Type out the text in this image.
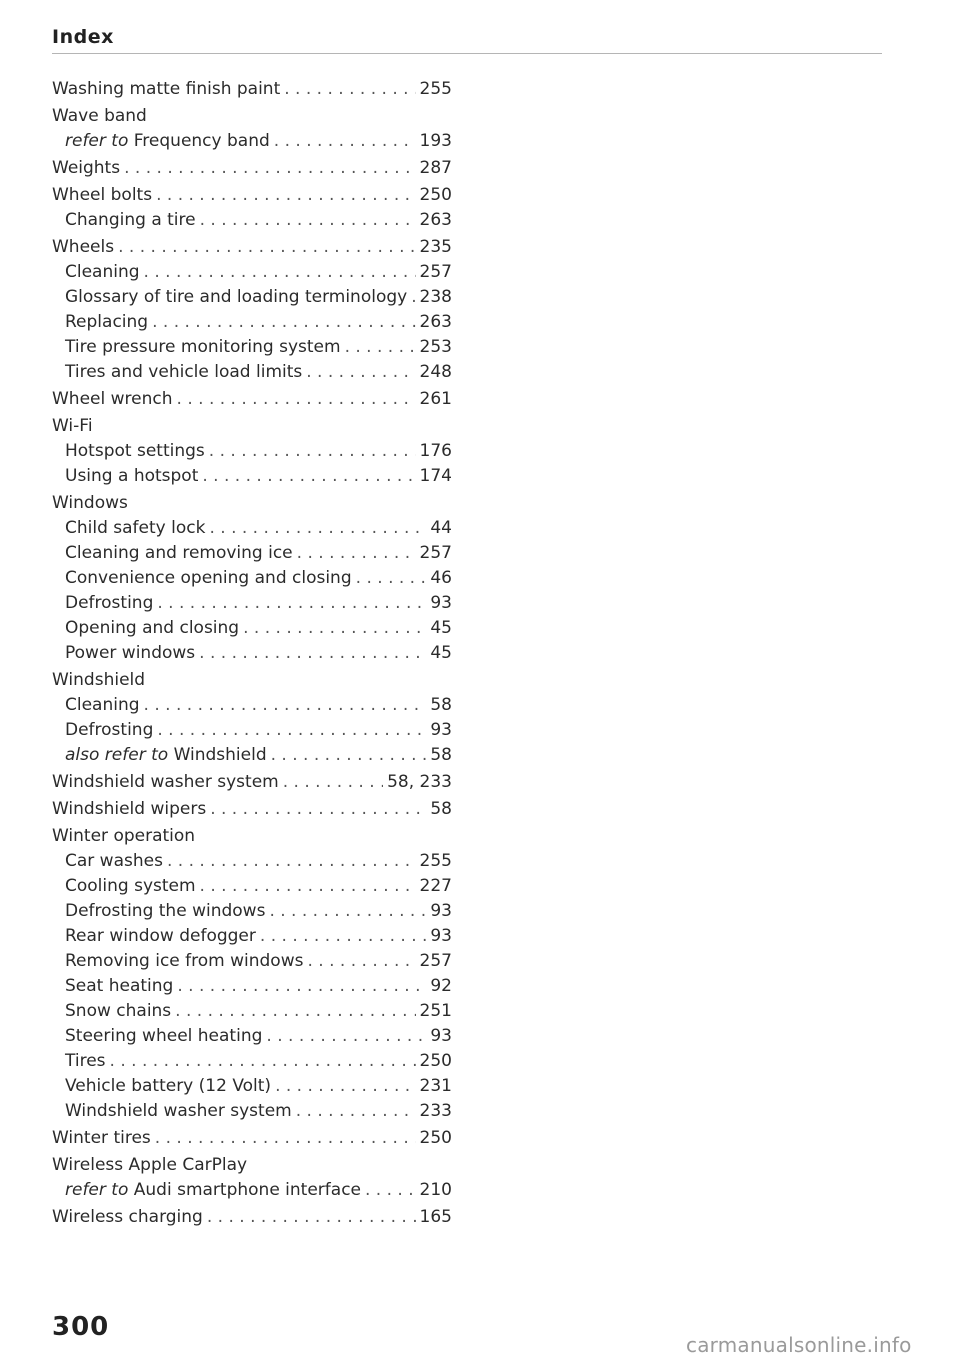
Index
Washing matte finish paint . . .	255
Wave band
refer to Frequency band . . .	193
Weights . . .	287
Wheel bolts . . .	250
Changing a tire . . .	263
Wheels . . .	235
Cleaning . . .	257
Glossary of tire and loading terminology . . . 238
Replacing . . .	263
Tire pressure monitoring system . . .	253
Tires and vehicle load limits . . .	248
Wheel wrench . . .	261
Wi-Fi
Hotspot settings . . .	176
Using a hotspot . . .	174
Windows
Child safety lock . . .	44
Cleaning and removing ice . . .	257
Convenience opening and closing . . .	46
Defrosting . . .	93
Opening and closing . . .	45
Power windows . . .	45
Windshield
Cleaning . . .	58
Defrosting . . .	93
also refer to Windshield . . .	58
Windshield washer system . . .	58, 233
Windshield wipers . . .	58
Winter operation
Car washes . . .	255
Cooling system . . .	227
Defrosting the windows . . .	93
Rear window defogger . . .	93
Removing ice from windows . . .	257
Seat heating . . .	92
Snow chains . . .	251
Steering wheel heating . . .	93
Tires . . .	250
Vehicle battery (12 Volt) . . .	231
Windshield washer system . . .	233
Winter tires . . .	250
Wireless Apple CarPlay
refer to Audi smartphone interface . . .	210
Wireless charging . . .	165
300
carmanualsonline.info
